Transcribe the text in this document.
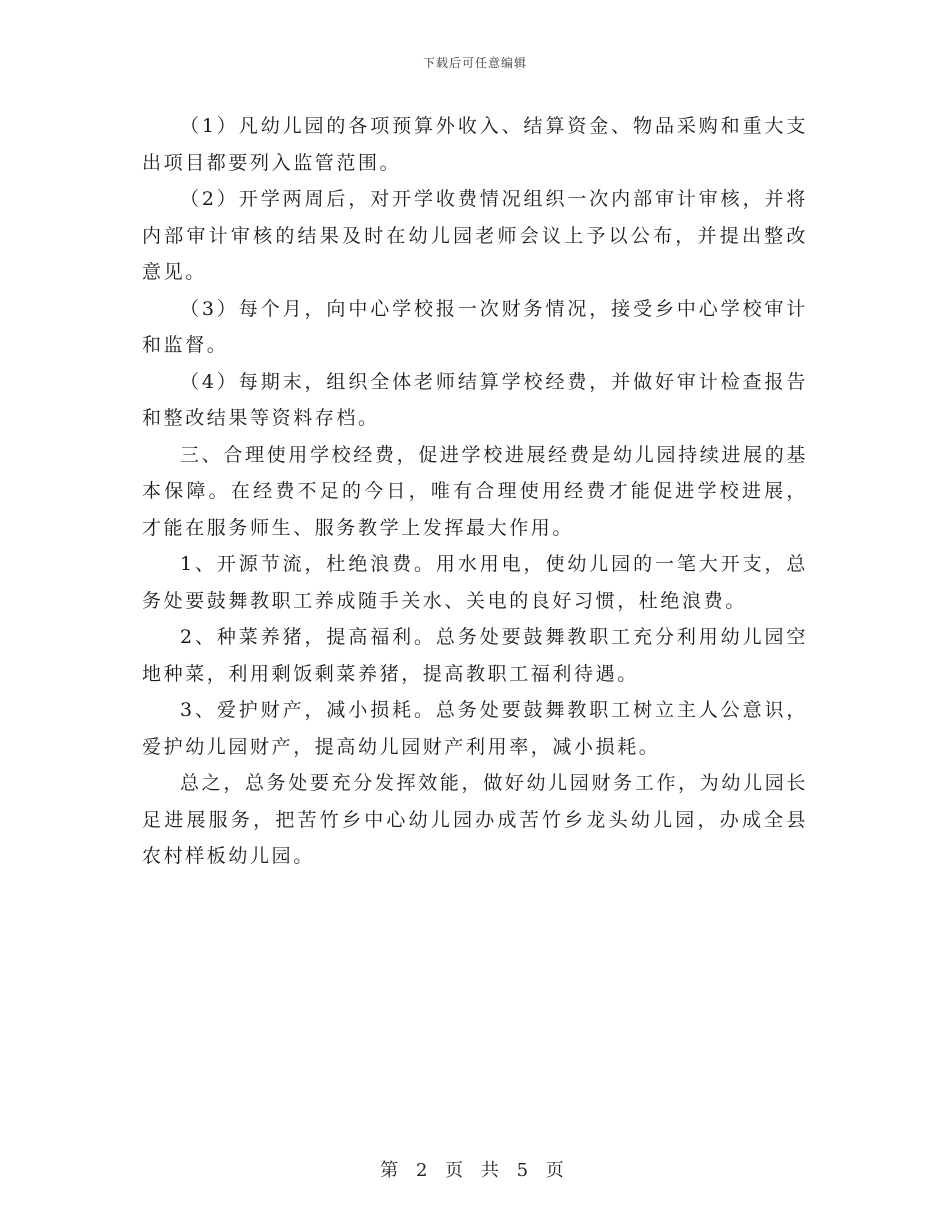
下载后可任意编辑

（1）凡幼儿园的各项预算外收入、结算资金、物品采购和重大支出项目都要列入监管范围。

（2）开学两周后，对开学收费情况组织一次内部审计审核，并将内部审计审核的结果及时在幼儿园老师会议上予以公布，并提出整改意见。

（3）每个月，向中心学校报一次财务情况，接受乡中心学校审计和监督。

（4）每期末，组织全体老师结算学校经费，并做好审计检查报告和整改结果等资料存档。

三、合理使用学校经费，促进学校进展经费是幼儿园持续进展的基本保障。在经费不足的今日，唯有合理使用经费才能促进学校进展，才能在服务师生、服务教学上发挥最大作用。

1、开源节流，杜绝浪费。用水用电，使幼儿园的一笔大开支，总务处要鼓舞教职工养成随手关水、关电的良好习惯，杜绝浪费。

2、种菜养猪，提高福利。总务处要鼓舞教职工充分利用幼儿园空地种菜，利用剩饭剩菜养猪，提高教职工福利待遇。

3、爱护财产，减小损耗。总务处要鼓舞教职工树立主人公意识，爱护幼儿园财产，提高幼儿园财产利用率，减小损耗。

总之，总务处要充分发挥效能，做好幼儿园财务工作，为幼儿园长足进展服务，把苦竹乡中心幼儿园办成苦竹乡龙头幼儿园，办成全县农村样板幼儿园。

第 2 页 共 5 页
